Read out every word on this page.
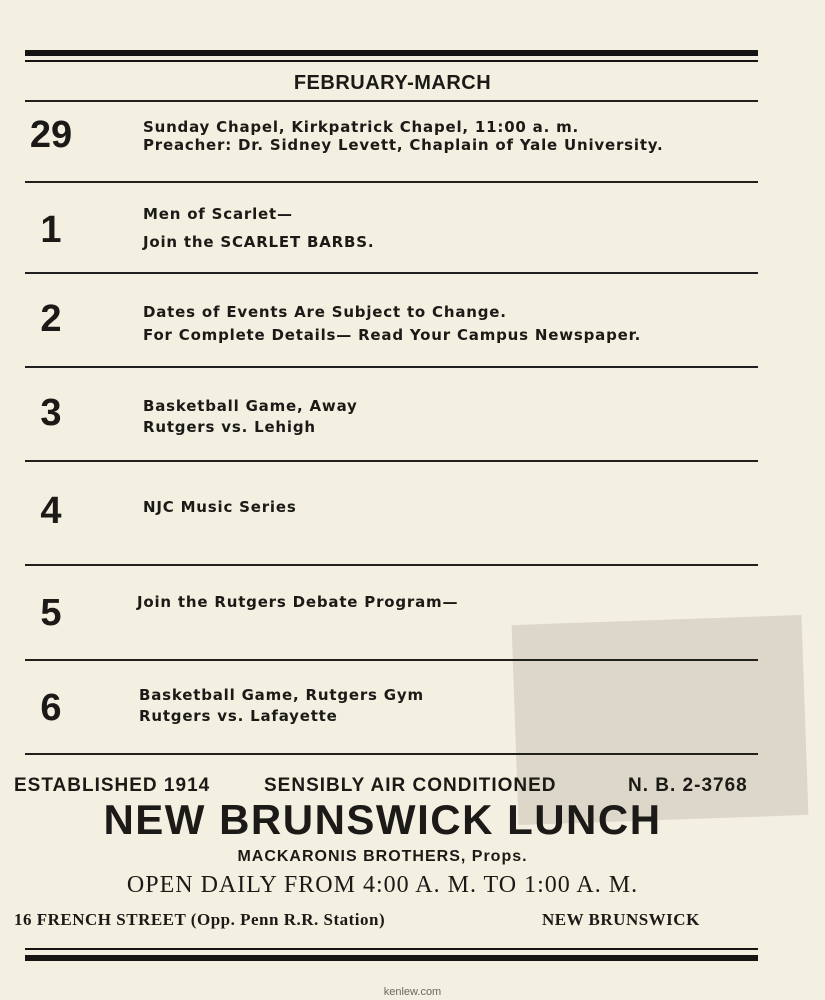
FEBRUARY-MARCH
29	Sunday Chapel, Kirkpatrick Chapel, 11:00 a. m.
Preacher: Dr. Sidney Levett, Chaplain of Yale University.
1	Men of Scarlet—
Join the SCARLET BARBS.
2	Dates of Events Are Subject to Change.
For Complete Details— Read Your Campus Newspaper.
3	Basketball Game, Away
Rutgers vs. Lehigh
4	NJC Music Series
5	Join the Rutgers Debate Program—
6	Basketball Game, Rutgers Gym
Rutgers vs. Lafayette
ESTABLISHED 1914	SENSIBLY AIR CONDITIONED	N. B. 2-3768
NEW BRUNSWICK LUNCH
MACKARONIS BROTHERS, Props.
OPEN DAILY FROM 4:00 A. M. TO 1:00 A. M.
16 FRENCH STREET (Opp. Penn R.R. Station)	NEW BRUNSWICK
kenlew.com
